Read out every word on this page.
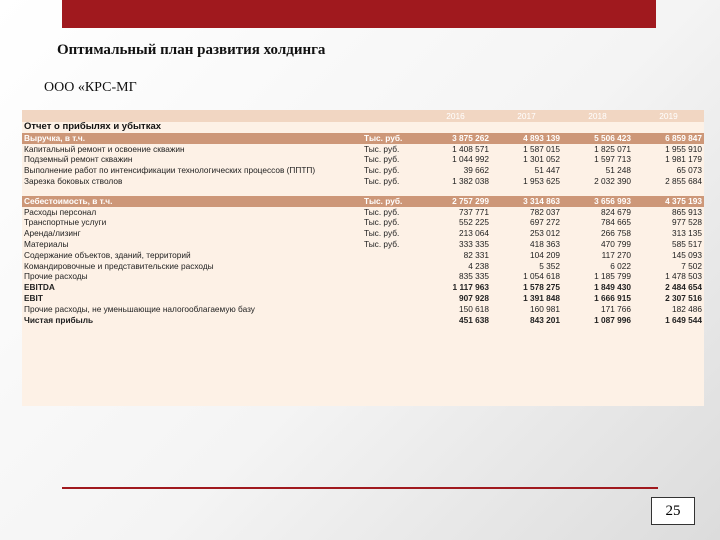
Оптимальный план развития холдинга
ООО «КРС-МГ
		2016	2017	2018	2019
Отчет о прибылях и убытках					
Выручка, в т.ч.	Тыс. руб.	3 875 262	4 893 139	5 506 423	6 859 847
Капитальный ремонт и освоение скважин	Тыс. руб.	1 408 571	1 587 015	1 825 071	1 955 910
Подземный ремонт скважин	Тыс. руб.	1 044 992	1 301 052	1 597 713	1 981 179
Выполнение работ по интенсификации технологических процессов (ППТП)	Тыс. руб.	39 662	51 447	51 248	65 073
Зарезка боковых стволов	Тыс. руб.	1 382 038	1 953 625	2 032 390	2 855 684

Себестоимость, в т.ч.	Тыс. руб.	2 757 299	3 314 863	3 656 993	4 375 193
Расходы персонал	Тыс. руб.	737 771	782 037	824 679	865 913
Транспортные услуги	Тыс. руб.	552 225	697 272	784 665	977 528
Аренда/лизинг	Тыс. руб.	213 064	253 012	266 758	313 135
Материалы	Тыс. руб.	333 335	418 363	470 799	585 517
Содержание объектов, зданий, территорий		82 331	104 209	117 270	145 093
Командировочные и представительские расходы		4 238	5 352	6 022	7 502
Прочие расходы		835 335	1 054 618	1 185 799	1 478 503
EBITDA		1 117 963	1 578 275	1 849 430	2 484 654
EBIT		907 928	1 391 848	1 666 915	2 307 516
Прочие расходы, не уменьшающие налогооблагаемую базу		150 618	160 981	171 766	182 486
Чистая прибыль		451 638	843 201	1 087 996	1 649 544
25
